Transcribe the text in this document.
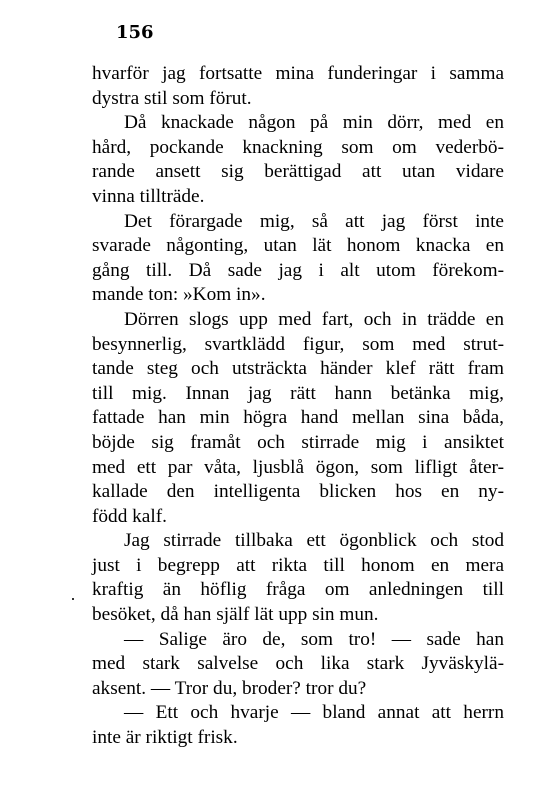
156
hvarför jag fortsatte mina funderingar i samma
dystra stil som förut.
Då knackade någon på min dörr, med en
hård, pockande knackning som om vederbö-
rande ansett sig berättigad att utan vidare
vinna tillträde.
Det förargade mig, så att jag först inte
svarade någonting, utan lät honom knacka en
gång till. Då sade jag i alt utom förekom-
mande ton: »Kom in».
Dörren slogs upp med fart, och in trädde en
besynnerlig, svartklädd figur, som med strut-
tande steg och utsträckta händer klef rätt fram
till mig. Innan jag rätt hann betänka mig,
fattade han min högra hand mellan sina båda,
böjde sig framåt och stirrade mig i ansiktet
med ett par våta, ljusblå ögon, som lifligt åter-
kallade den intelligenta blicken hos en ny-
född kalf.
Jag stirrade tillbaka ett ögonblick och stod
just i begrepp att rikta till honom en mera
kraftig än höflig fråga om anledningen till
besöket, då han själf lät upp sin mun.
— Salige äro de, som tro! — sade han
med stark salvelse och lika stark Jyväskylä-
aksent. — Tror du, broder? tror du?
— Ett och hvarje — bland annat att herrn
inte är riktigt frisk.
